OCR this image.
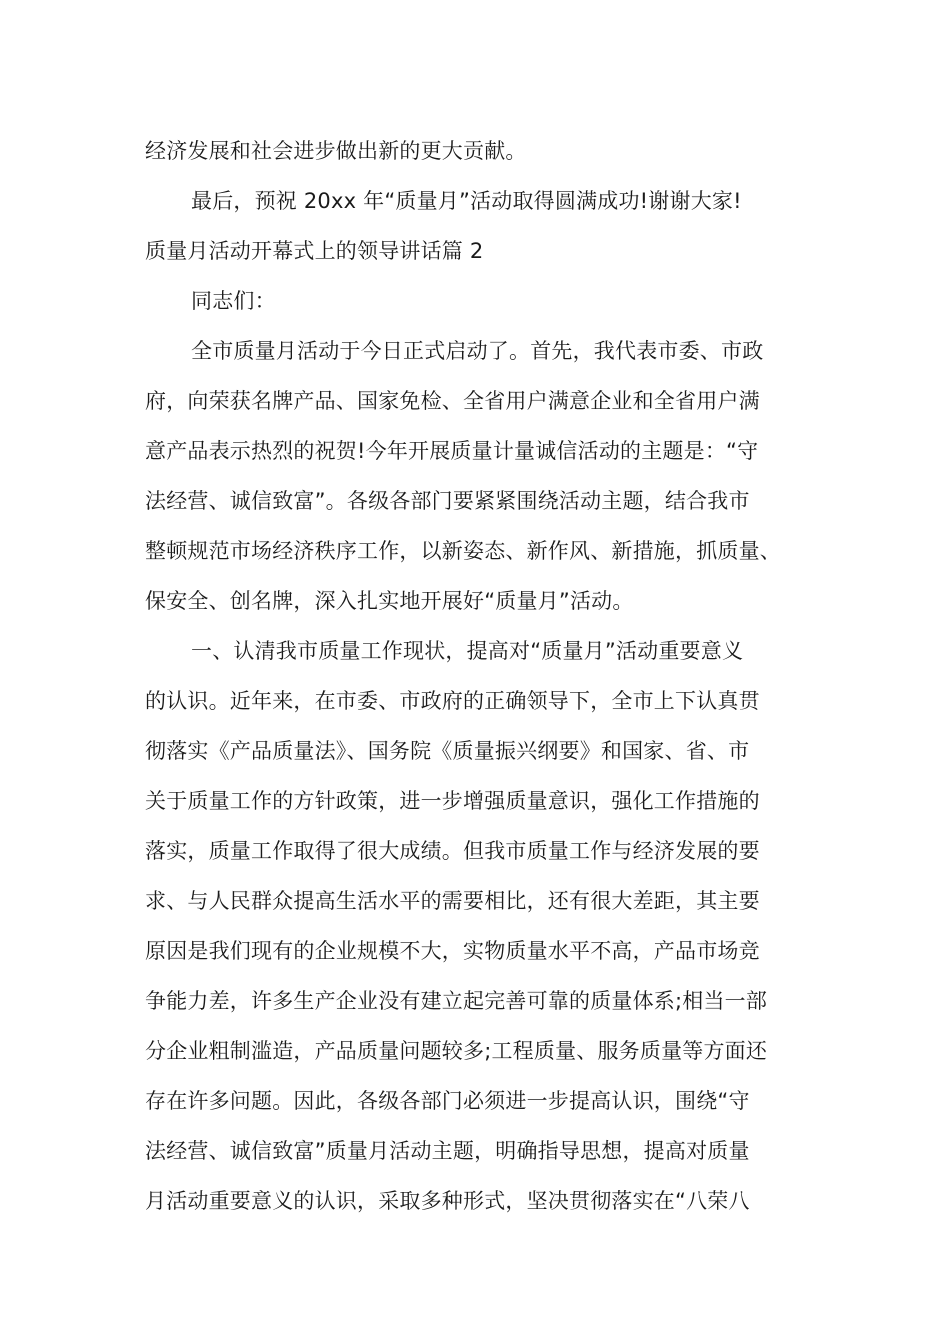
经济发展和社会进步做出新的更大贡献。
最后，预祝 20xx 年“质量月”活动取得圆满成功!谢谢大家!
质量月活动开幕式上的领导讲话篇 2
同志们：
全市质量月活动于今日正式启动了。首先，我代表市委、市政
府，向荣获名牌产品、国家免检、全省用户满意企业和全省用户满
意产品表示热烈的祝贺!今年开展质量计量诚信活动的主题是：“守
法经营、诚信致富”。各级各部门要紧紧围绕活动主题，结合我市
整顿规范市场经济秩序工作，以新姿态、新作风、新措施，抓质量、
保安全、创名牌，深入扎实地开展好“质量月”活动。
一、认清我市质量工作现状，提高对“质量月”活动重要意义
的认识。近年来，在市委、市政府的正确领导下，全市上下认真贯
彻落实《产品质量法》、国务院《质量振兴纲要》和国家、省、市
关于质量工作的方针政策，进一步增强质量意识，强化工作措施的
落实，质量工作取得了很大成绩。但我市质量工作与经济发展的要
求、与人民群众提高生活水平的需要相比，还有很大差距，其主要
原因是我们现有的企业规模不大，实物质量水平不高，产品市场竞
争能力差，许多生产企业没有建立起完善可靠的质量体系;相当一部
分企业粗制滥造，产品质量问题较多;工程质量、服务质量等方面还
存在许多问题。因此，各级各部门必须进一步提高认识，围绕“守
法经营、诚信致富”质量月活动主题，明确指导思想，提高对质量
月活动重要意义的认识，采取多种形式，坚决贯彻落实在“八荣八
